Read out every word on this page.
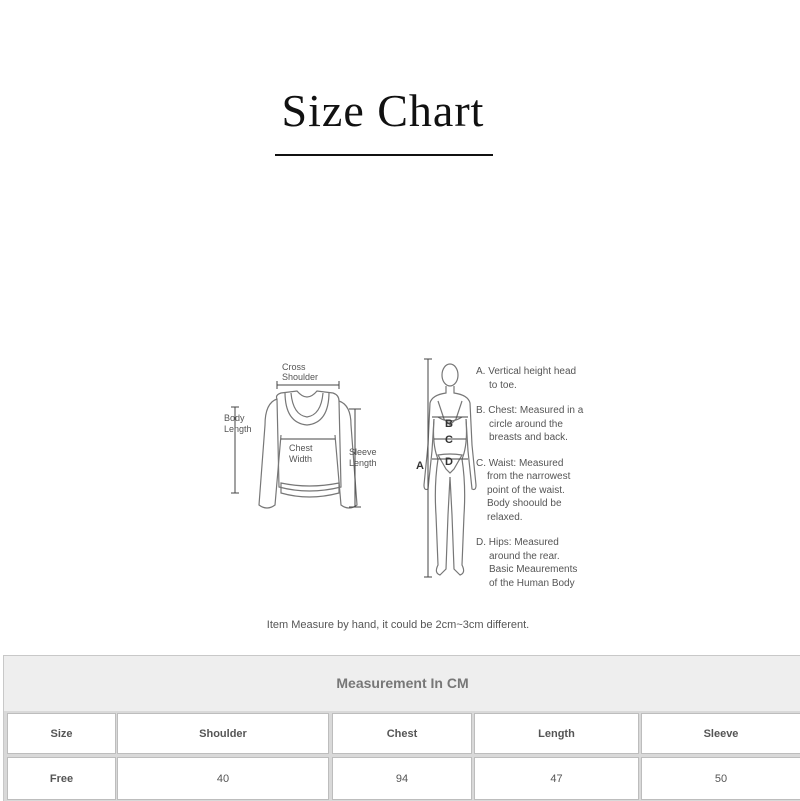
Size Chart
Cross
Shoulder
Body
Length
Chest
Width
Sleeve
Length	A
B
C
D
A. Vertical height head
to toe.
B. Chest: Measured in a
circle around the
breasts and back.
C. Waist: Measured
from the narrowest
point of the waist.
Body shoould be
relaxed.
D. Hips: Measured
around the rear.
Basic Meaurements
of the Human Body
Item Measure by hand, it could be 2cm~3cm different.
Measurement In CM
Size	Shoulder	Chest	Length	Sleeve
Free	40	94	47	50
